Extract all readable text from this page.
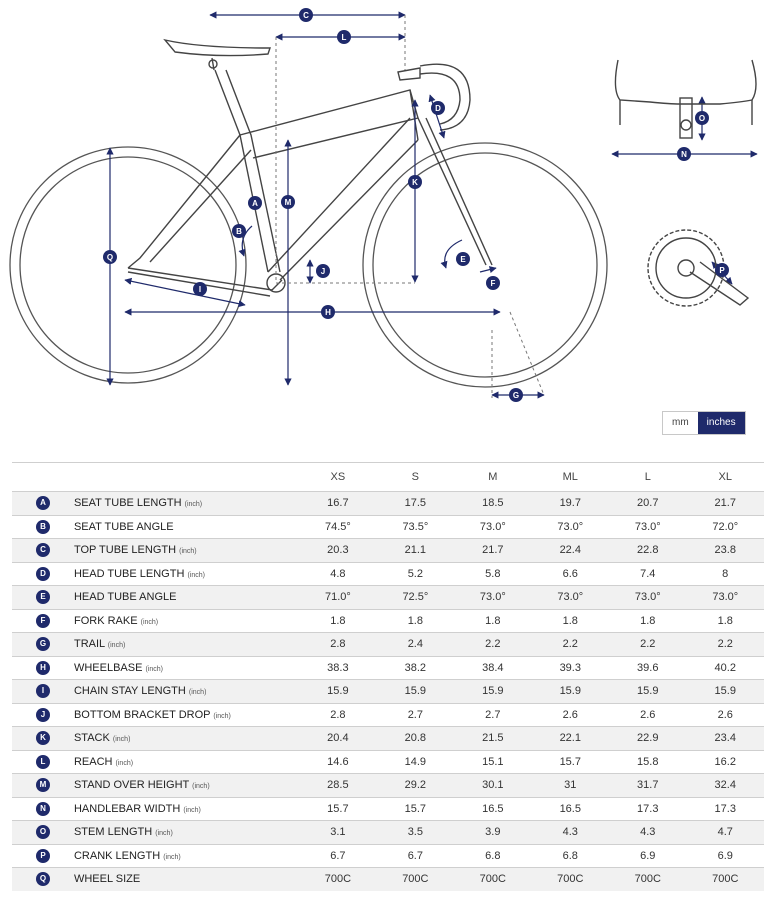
C
L
D
A	M
K
B
J
E
F
Q
I
H
G
O
N
P
mm	inches
		XS	S	M	ML	L	XL
A	SEAT TUBE LENGTH (inch)	16.7	17.5	18.5	19.7	20.7	21.7
B	SEAT TUBE ANGLE	74.5°	73.5°	73.0°	73.0°	73.0°	72.0°
C	TOP TUBE LENGTH (inch)	20.3	21.1	21.7	22.4	22.8	23.8
D	HEAD TUBE LENGTH (inch)	4.8	5.2	5.8	6.6	7.4	8
E	HEAD TUBE ANGLE	71.0°	72.5°	73.0°	73.0°	73.0°	73.0°
F	FORK RAKE (inch)	1.8	1.8	1.8	1.8	1.8	1.8
G	TRAIL (inch)	2.8	2.4	2.2	2.2	2.2	2.2
H	WHEELBASE (inch)	38.3	38.2	38.4	39.3	39.6	40.2
I	CHAIN STAY LENGTH (inch)	15.9	15.9	15.9	15.9	15.9	15.9
J	BOTTOM BRACKET DROP (inch)	2.8	2.7	2.7	2.6	2.6	2.6
K	STACK (inch)	20.4	20.8	21.5	22.1	22.9	23.4
L	REACH (inch)	14.6	14.9	15.1	15.7	15.8	16.2
M	STAND OVER HEIGHT (inch)	28.5	29.2	30.1	31	31.7	32.4
N	HANDLEBAR WIDTH (inch)	15.7	15.7	16.5	16.5	17.3	17.3
O	STEM LENGTH (inch)	3.1	3.5	3.9	4.3	4.3	4.7
P	CRANK LENGTH (inch)	6.7	6.7	6.8	6.8	6.9	6.9
Q	WHEEL SIZE	700C	700C	700C	700C	700C	700C
